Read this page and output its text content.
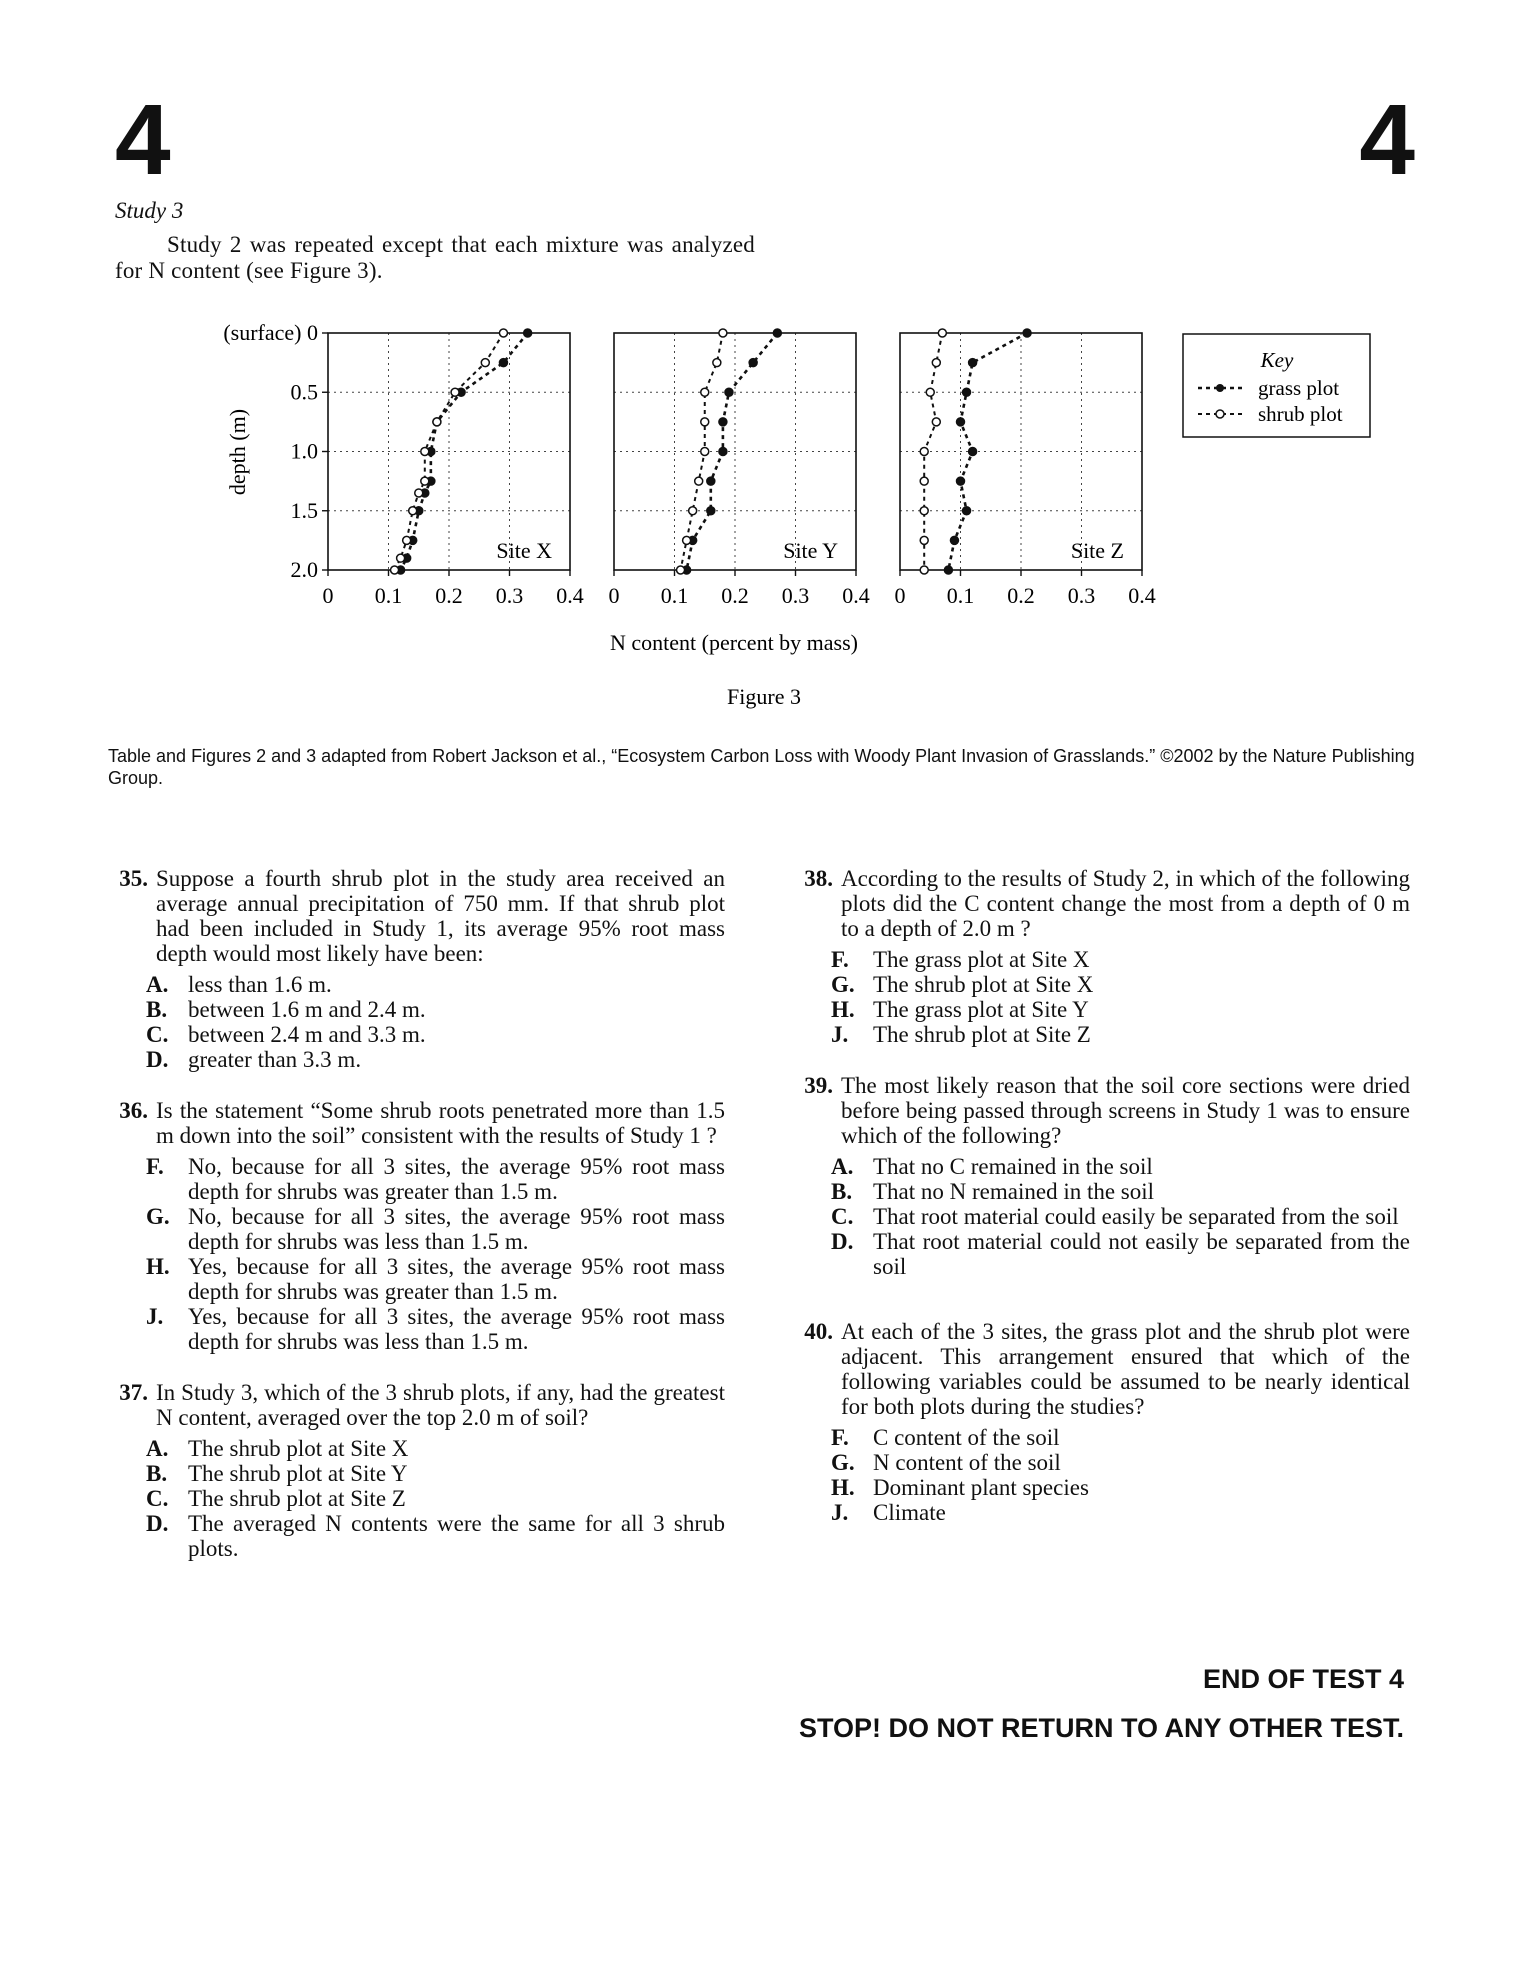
4	4
Study 3
Study 2 was repeated except that each mixture was analyzed for N content (see Figure 3).
0 0.1 0.2 0.3 0.4
Site X
0 0.1 0.2 0.3 0.4
Site Y
0 0.1 0.2 0.3 0.4
Site Z
(surface) 0
0.5
1.0
1.5
2.0
depth (m)
N content (percent by mass)
Figure 3
Key
grass plot
shrub plot
Table and Figures 2 and 3 adapted from Robert Jackson et al., “Ecosystem Carbon Loss with Woody Plant Invasion of Grasslands.” ©2002 by the Nature Publishing Group.
35. Suppose a fourth shrub plot in the study area received an average annual precipitation of 750 mm. If that shrub plot had been included in Study 1, its average 95% root mass depth would most likely have been:
A. less than 1.6 m.
B. between 1.6 m and 2.4 m.
C. between 2.4 m and 3.3 m.
D. greater than 3.3 m.
36. Is the statement “Some shrub roots penetrated more than 1.5 m down into the soil” consistent with the results of Study 1 ?
F.	No, because for all 3 sites, the average 95% root mass depth for shrubs was greater than 1.5 m.
G. No, because for all 3 sites, the average 95% root mass depth for shrubs was less than 1.5 m.
H. Yes, because for all 3 sites, the average 95% root mass depth for shrubs was greater than 1.5 m.
J.	Yes, because for all 3 sites, the average 95% root mass depth for shrubs was less than 1.5 m.
37. In Study 3, which of the 3 shrub plots, if any, had the greatest N content, averaged over the top 2.0 m of soil?
A. The shrub plot at Site X
B. The shrub plot at Site Y
C. The shrub plot at Site Z
D. The averaged N contents were the same for all 3 shrub plots.
38. According to the results of Study 2, in which of the following plots did the C content change the most from a depth of 0 m to a depth of 2.0 m ?
F.	The grass plot at Site X
G. The shrub plot at Site X
H. The grass plot at Site Y
J.	The shrub plot at Site Z
39. The most likely reason that the soil core sections were dried before being passed through screens in Study 1 was to ensure which of the following?
A. That no C remained in the soil
B. That no N remained in the soil
C. That root material could easily be separated from the soil
D. That root material could not easily be separated from the soil
40. At each of the 3 sites, the grass plot and the shrub plot were adjacent. This arrangement ensured that which of the following variables could be assumed to be nearly identical for both plots during the studies?
F.	C content of the soil
G. N content of the soil
H. Dominant plant species
J.	Climate
END OF TEST 4
STOP! DO NOT RETURN TO ANY OTHER TEST.
